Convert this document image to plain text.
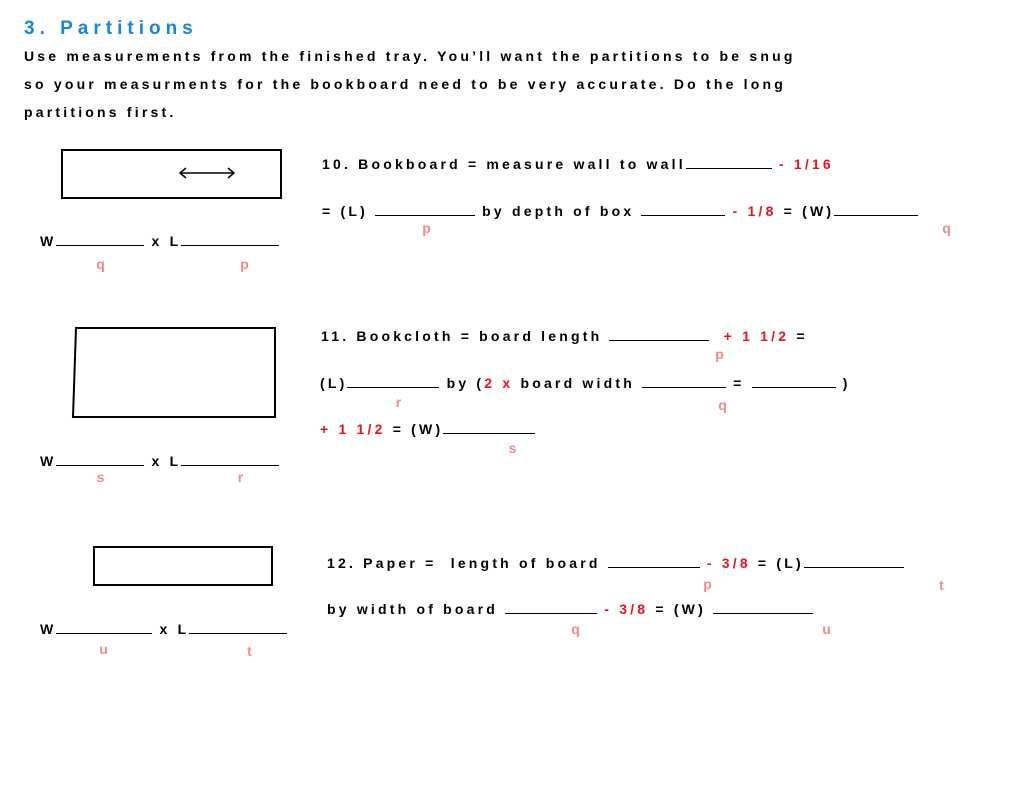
3. Partitions
Use measurements from the finished tray. You’ll want the partitions to be snug
so your measurments for the bookboard need to be very accurate. Do the long
partitions first.
W	x L
q	p
10. Bookboard = measure wall to wall	- 1/16
= (L)	by depth of box	- 1/8 = (W)
p	q
W	x L
s	r
11. Bookcloth = board length	+ 1 1/2 =
p
(L)	by (2 x board width	=	)
r	q
+ 1 1/2 = (W)
s
W	x L
u	t
12. Paper = length of board	- 3/8 = (L)
p	t
by width of board	- 3/8 = (W)
q	u
